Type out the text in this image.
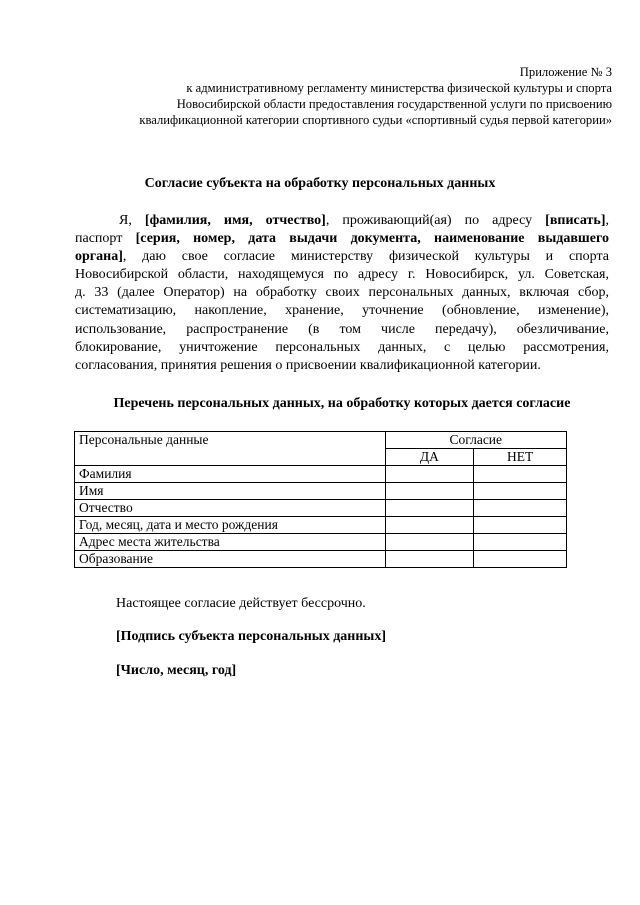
Приложение № 3
к административному регламенту министерства физической культуры и спорта
Новосибирской области предоставления государственной услуги по присвоению
квалификационной категории спортивного судьи «спортивный судья первой категории»
Согласие субъекта на обработку персональных данных
Я, [фамилия, имя, отчество], проживающий(ая) по адресу [вписать],
паспорт [серия, номер, дата выдачи документа, наименование выдавшего
органа], даю свое согласие министерству физической культуры и спорта
Новосибирской области, находящемуся по адресу г. Новосибирск, ул. Советская,
д. 33 (далее Оператор) на обработку своих персональных данных, включая сбор,
систематизацию, накопление, хранение, уточнение (обновление, изменение),
использование, распространение (в том числе передачу), обезличивание,
блокирование, уничтожение персональных данных, с целью рассмотрения,
согласования, принятия решения о присвоении квалификационной категории.
Перечень персональных данных, на обработку которых дается согласие
Персональные данные	Согласие	
	ДА	НЕТ
Фамилия		
Имя		
Отчество		
Год, месяц, дата и место рождения		
Адрес места жительства		
Образование		
Настоящее согласие действует бессрочно.
[Подпись субъекта персональных данных]
[Число, месяц, год]
